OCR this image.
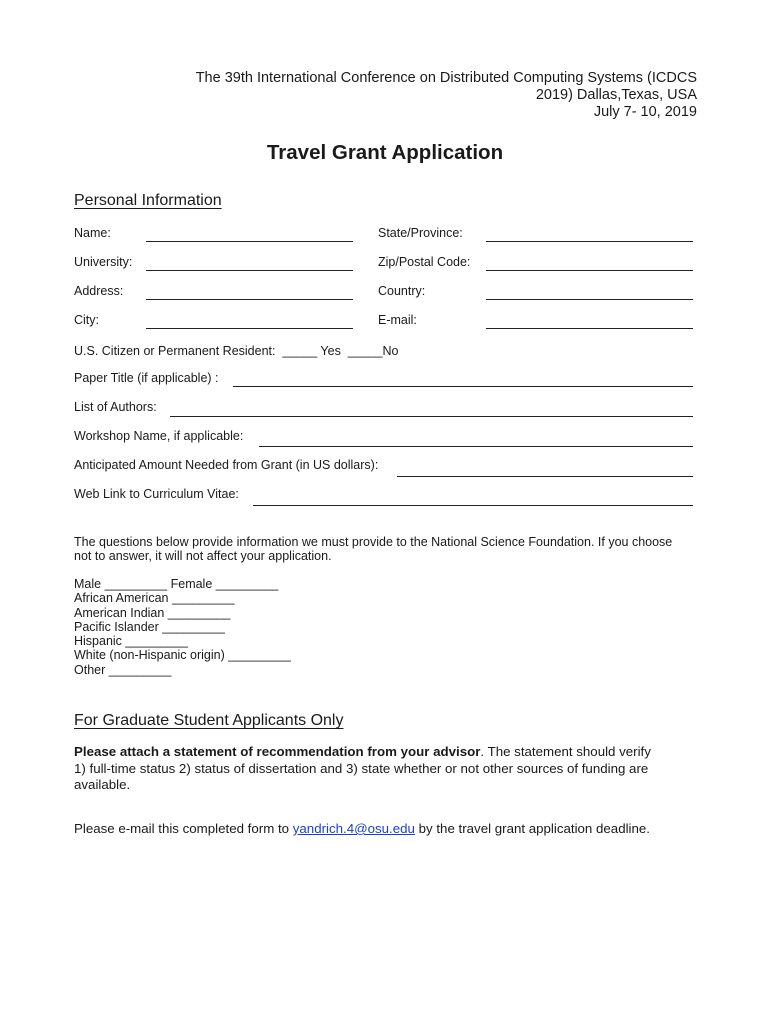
The 39th International Conference on Distributed Computing Systems (ICDCS
2019) Dallas,Texas, USA
July 7- 10, 2019
Travel Grant Application
Personal Information
Name:	State/Province:
University:	Zip/Postal Code:
Address:	Country:
City:	E-mail:
U.S. Citizen or Permanent Resident:  _____ Yes  _____No
Paper Title (if applicable) :
List of Authors:
Workshop Name, if applicable:
Anticipated Amount Needed from Grant (in US dollars):
Web Link to Curriculum Vitae:
The questions below provide information we must provide to the National Science Foundation. If you choose
not to answer, it will not affect your application.
Male _________ Female _________
African American _________
American Indian _________
Pacific Islander _________
Hispanic _________
White (non-Hispanic origin) _________
Other _________
For Graduate Student Applicants Only
Please attach a statement of recommendation from your advisor. The statement should verify
1) full-time status 2) status of dissertation and 3) state whether or not other sources of funding are
available.
Please e-mail this completed form to yandrich.4@osu.edu by the travel grant application deadline.
